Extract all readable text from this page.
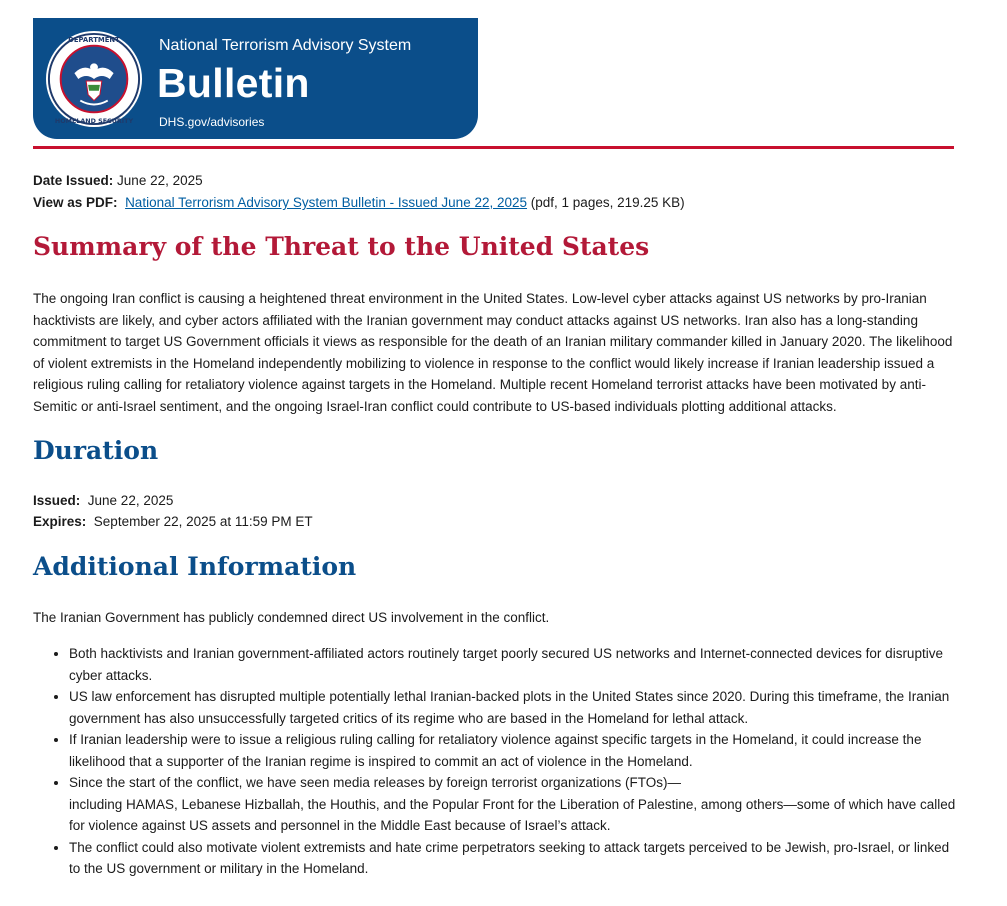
DEPARTMENT
HOMELAND SECURITY
National Terrorism Advisory System
Bulletin
DHS.gov/advisories
Date Issued: June 22, 2025
View as PDF: National Terrorism Advisory System Bulletin - Issued June 22, 2025 (pdf, 1 pages, 219.25 KB)
Summary of the Threat to the United States
The ongoing Iran conflict is causing a heightened threat environment in the United States. Low-level cyber attacks against US networks by pro-Iranian hacktivists are likely, and cyber actors affiliated with the Iranian government may conduct attacks against US networks. Iran also has a long-standing commitment to target US Government officials it views as responsible for the death of an Iranian military commander killed in January 2020. The likelihood of violent extremists in the Homeland independently mobilizing to violence in response to the conflict would likely increase if Iranian leadership issued a religious ruling calling for retaliatory violence against targets in the Homeland. Multiple recent Homeland terrorist attacks have been motivated by anti-Semitic or anti-Israel sentiment, and the ongoing Israel-Iran conflict could contribute to US-based individuals plotting additional attacks.
Duration
Issued: June 22, 2025
Expires: September 22, 2025 at 11:59 PM ET
Additional Information
The Iranian Government has publicly condemned direct US involvement in the conflict.
• Both hacktivists and Iranian government-affiliated actors routinely target poorly secured US networks and Internet-connected devices for disruptive cyber attacks.
• US law enforcement has disrupted multiple potentially lethal Iranian-backed plots in the United States since 2020. During this timeframe, the Iranian government has also unsuccessfully targeted critics of its regime who are based in the Homeland for lethal attack.
• If Iranian leadership were to issue a religious ruling calling for retaliatory violence against specific targets in the Homeland, it could increase the likelihood that a supporter of the Iranian regime is inspired to commit an act of violence in the Homeland.
• Since the start of the conflict, we have seen media releases by foreign terrorist organizations (FTOs)—
including HAMAS, Lebanese Hizballah, the Houthis, and the Popular Front for the Liberation of Palestine, among others—some of which have called for violence against US assets and personnel in the Middle East because of Israel’s attack.
• The conflict could also motivate violent extremists and hate crime perpetrators seeking to attack targets perceived to be Jewish, pro-Israel, or linked to the US government or military in the Homeland.
